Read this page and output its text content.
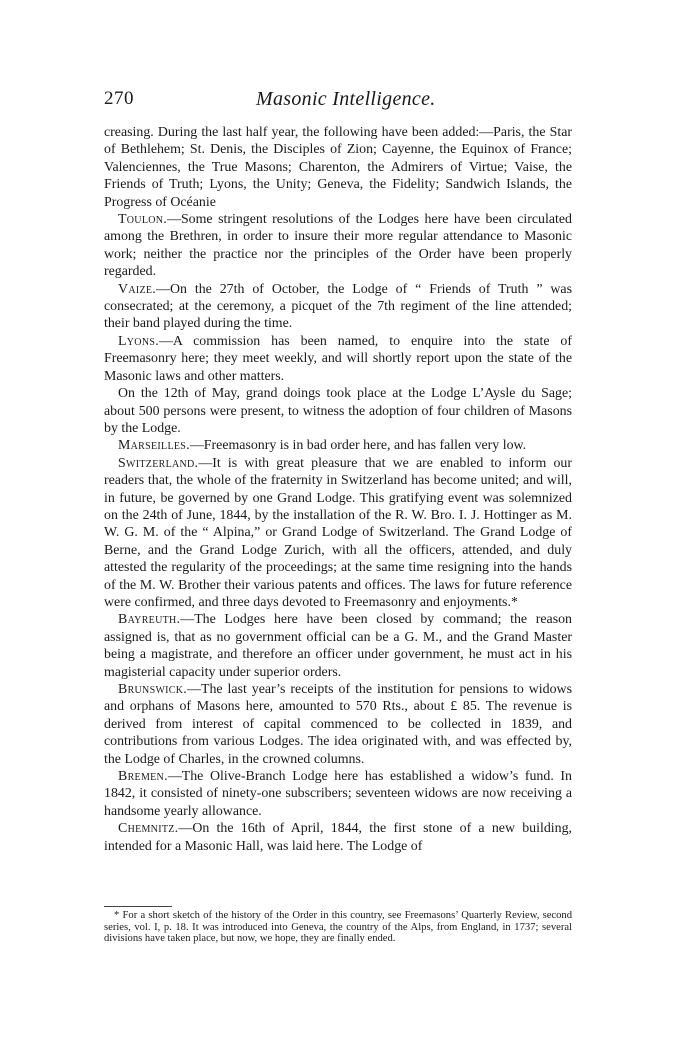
270	Masonic Intelligence.

creasing. During the last half year, the following have been added:—Paris, the Star of Bethlehem; St. Denis, the Disciples of Zion; Cayenne, the Equinox of France; Valenciennes, the True Masons; Charenton, the Admirers of Virtue; Vaise, the Friends of Truth; Lyons, the Unity; Geneva, the Fidelity; Sandwich Islands, the Progress of Océanie

Toulon.—Some stringent resolutions of the Lodges here have been circulated among the Brethren, in order to insure their more regular attendance to Masonic work; neither the practice nor the principles of the Order have been properly regarded.

Vaize.—On the 27th of October, the Lodge of “ Friends of Truth ” was consecrated; at the ceremony, a picquet of the 7th regiment of the line attended; their band played during the time.

Lyons.—A commission has been named, to enquire into the state of Freemasonry here; they meet weekly, and will shortly report upon the state of the Masonic laws and other matters.

On the 12th of May, grand doings took place at the Lodge L’Aysle du Sage; about 500 persons were present, to witness the adoption of four children of Masons by the Lodge.

Marseilles.—Freemasonry is in bad order here, and has fallen very low.

Switzerland.—It is with great pleasure that we are enabled to inform our readers that, the whole of the fraternity in Switzerland has become united; and will, in future, be governed by one Grand Lodge. This gratifying event was solemnized on the 24th of June, 1844, by the installation of the R. W. Bro. I. J. Hottinger as M. W. G. M. of the “ Alpina,” or Grand Lodge of Switzerland. The Grand Lodge of Berne, and the Grand Lodge Zurich, with all the officers, attended, and duly attested the regularity of the proceedings; at the same time resigning into the hands of the M. W. Brother their various patents and offices. The laws for future reference were confirmed, and three days devoted to Freemasonry and enjoyments.*

Bayreuth.—The Lodges here have been closed by command; the reason assigned is, that as no government official can be a G. M., and the Grand Master being a magistrate, and therefore an officer under government, he must act in his magisterial capacity under superior orders.

Brunswick.—The last year’s receipts of the institution for pensions to widows and orphans of Masons here, amounted to 570 Rts., about £ 85. The revenue is derived from interest of capital commenced to be collected in 1839, and contributions from various Lodges. The idea originated with, and was effected by, the Lodge of Charles, in the crowned columns.

Bremen.—The Olive-Branch Lodge here has established a widow’s fund. In 1842, it consisted of ninety-one subscribers; seventeen widows are now receiving a handsome yearly allowance.

Chemnitz.—On the 16th of April, 1844, the first stone of a new building, intended for a Masonic Hall, was laid here. The Lodge of

* For a short sketch of the history of the Order in this country, see Freemasons’ Quarterly Review, second series, vol. I, p. 18. It was introduced into Geneva, the country of the Alps, from England, in 1737; several divisions have taken place, but now, we hope, they are finally ended.
